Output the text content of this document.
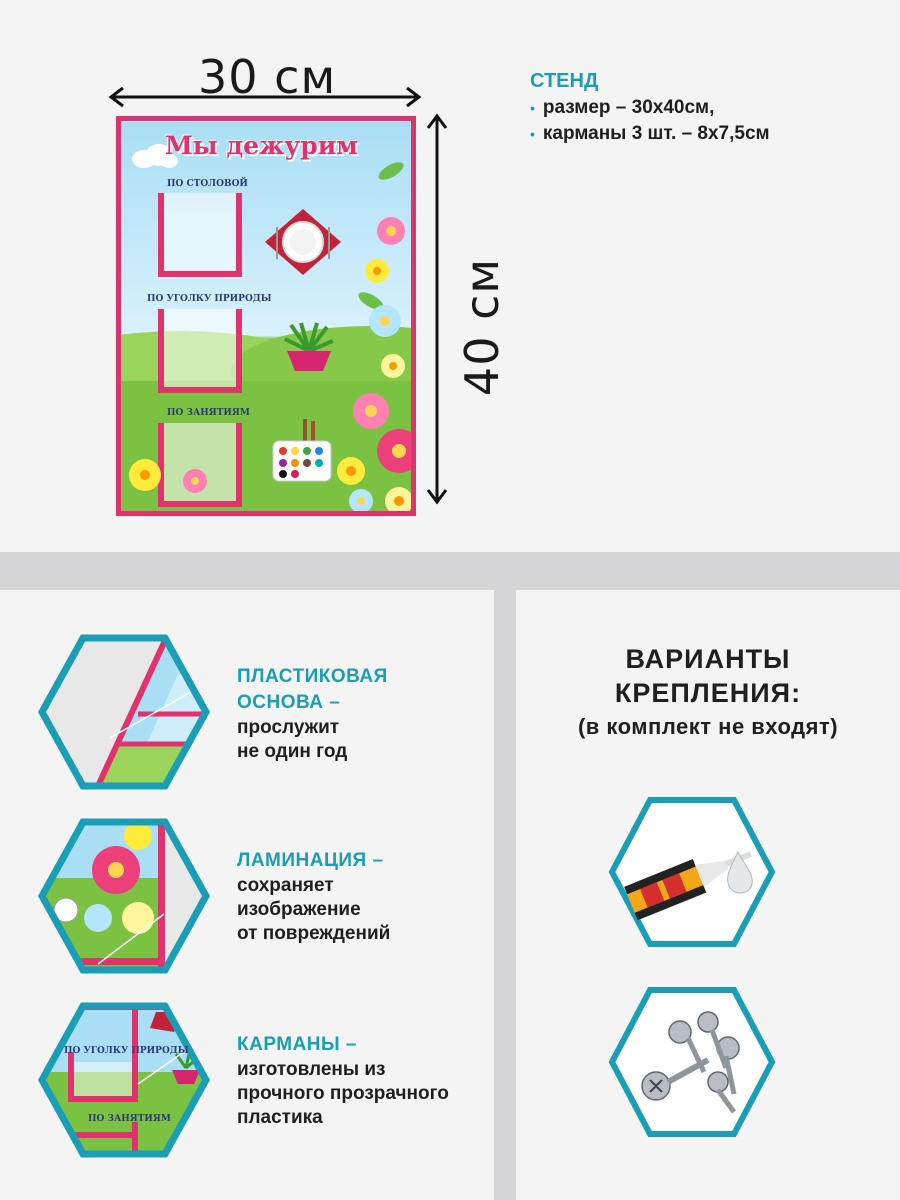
30 см
40 см
СТЕНД
• размер – 30х40см,
• карманы 3 шт. – 8х7,5см
Мы дежурим
ПО СТОЛОВОЙ
ПО УГОЛКУ ПРИРОДЫ
ПО ЗАНЯТИЯМ
ПЛАСТИКОВАЯ
ОСНОВА –
прослужит
не один год
ЛАМИНАЦИЯ –
сохраняет
изображение
от повреждений
ПО УГОЛКУ ПРИРОДЫ
ПО ЗАНЯТИЯМ
КАРМАНЫ –
изготовлены из
прочного прозрачного
пластика
ВАРИАНТЫ
КРЕПЛЕНИЯ:
(в комплект не входят)
